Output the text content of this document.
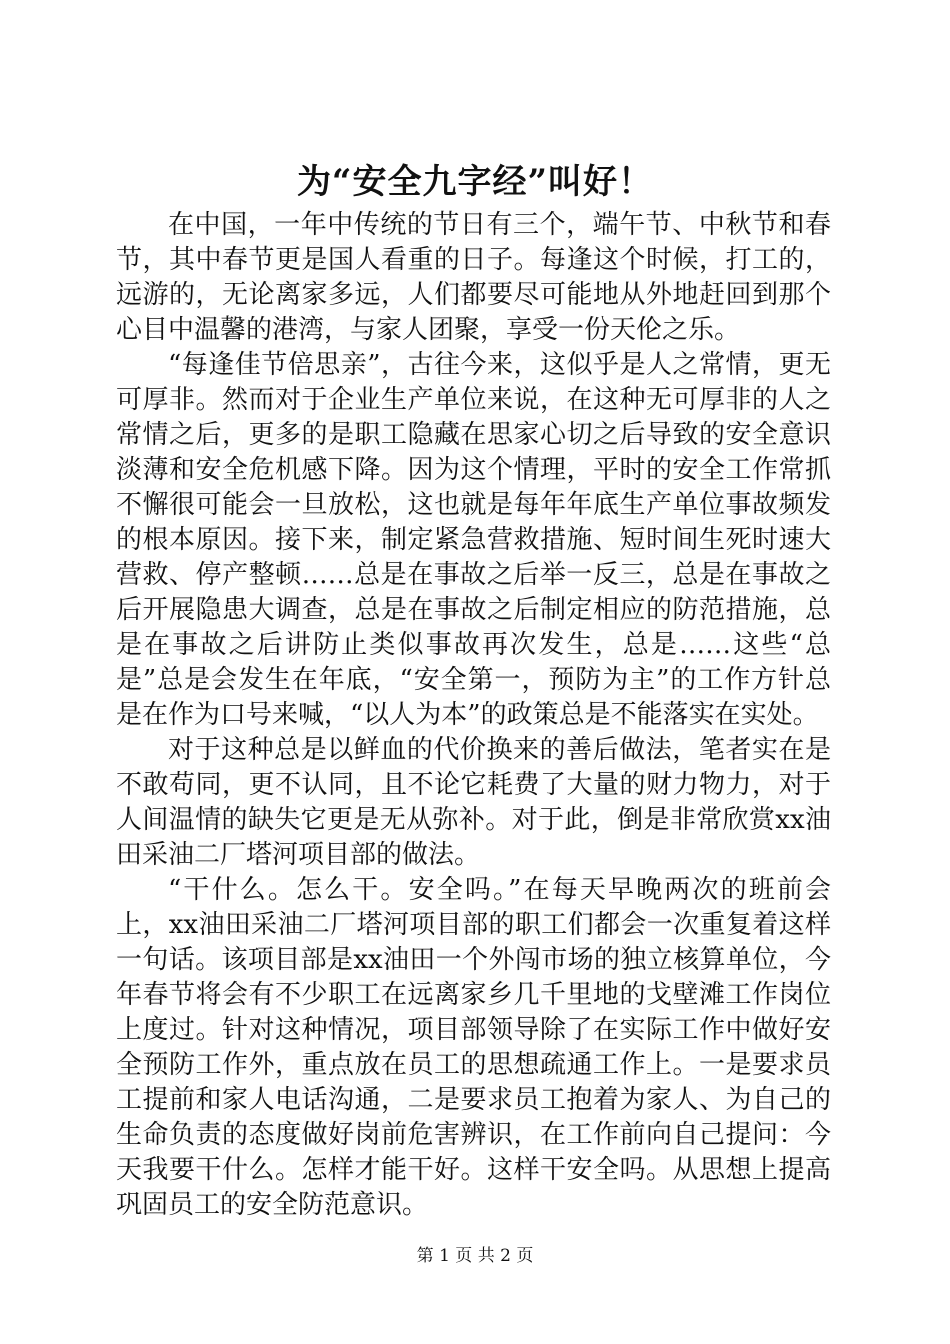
为“安全九字经”叫好！

在中国，一年中传统的节日有三个，端午节、中秋节和春节，其中春节更是国人看重的日子。每逢这个时候，打工的，远游的，无论离家多远，人们都要尽可能地从外地赶回到那个心目中温馨的港湾，与家人团聚，享受一份天伦之乐。

“每逢佳节倍思亲”，古往今来，这似乎是人之常情，更无可厚非。然而对于企业生产单位来说，在这种无可厚非的人之常情之后，更多的是职工隐藏在思家心切之后导致的安全意识淡薄和安全危机感下降。因为这个情理，平时的安全工作常抓不懈很可能会一旦放松，这也就是每年年底生产单位事故频发的根本原因。接下来，制定紧急营救措施、短时间生死时速大营救、停产整顿……总是在事故之后举一反三，总是在事故之后开展隐患大调查，总是在事故之后制定相应的防范措施，总是在事故之后讲防止类似事故再次发生，总是……这些“总是”总是会发生在年底，“安全第一，预防为主”的工作方针总是在作为口号来喊，“以人为本”的政策总是不能落实在实处。

对于这种总是以鲜血的代价换来的善后做法，笔者实在是不敢苟同，更不认同，且不论它耗费了大量的财力物力，对于人间温情的缺失它更是无从弥补。对于此，倒是非常欣赏xx油田采油二厂塔河项目部的做法。

“干什么。怎么干。安全吗。”在每天早晚两次的班前会上，xx油田采油二厂塔河项目部的职工们都会一次重复着这样一句话。该项目部是xx油田一个外闯市场的独立核算单位，今年春节将会有不少职工在远离家乡几千里地的戈壁滩工作岗位上度过。针对这种情况，项目部领导除了在实际工作中做好安全预防工作外，重点放在员工的思想疏通工作上。一是要求员工提前和家人电话沟通，二是要求员工抱着为家人、为自己的生命负责的态度做好岗前危害辨识，在工作前向自己提问：今天我要干什么。怎样才能干好。这样干安全吗。从思想上提高巩固员工的安全防范意识。

第 1 页 共 2 页
